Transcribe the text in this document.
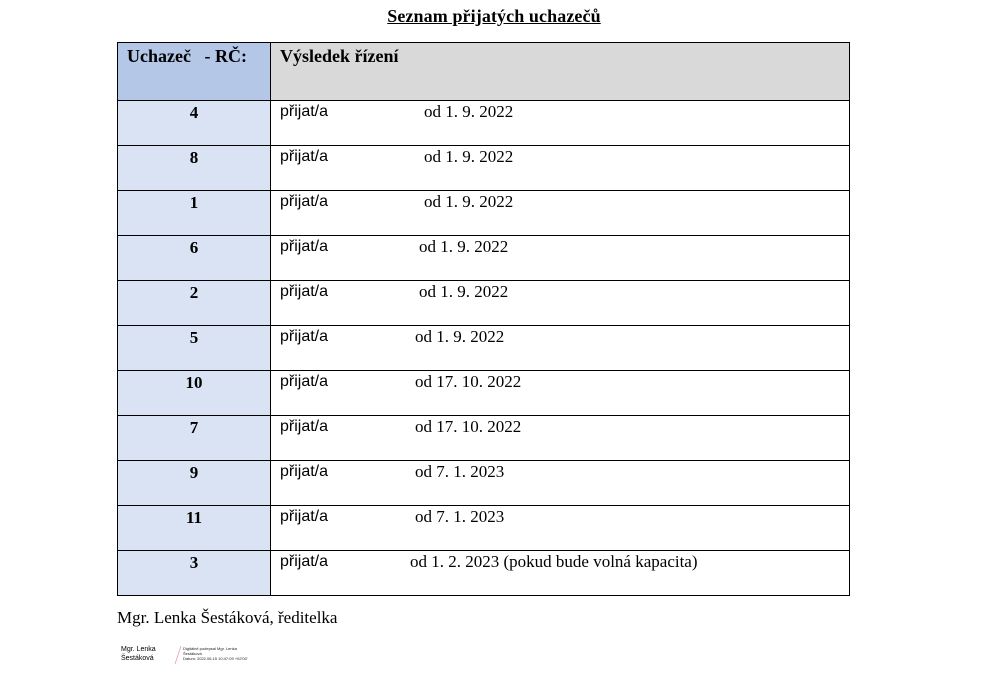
Seznam přijatých uchazečů
Uchazeč   - RČ:	Výsledek řízení
4	přijat/a od 1. 9. 2022

8	přijat/a od 1. 9. 2022

1	přijat/a od 1. 9. 2022

6	přijat/a od 1. 9. 2022

2	přijat/a od 1. 9. 2022

5	přijat/a od 1. 9. 2022

10	přijat/a od 17. 10. 2022

7	přijat/a od 17. 10. 2022

9	přijat/a od 7. 1. 2023

11	přijat/a od 7. 1. 2023

3	přijat/a od 1. 2. 2023 (pokud bude volná kapacita)
Mgr. Lenka Šestáková, ředitelka
Mgr. Lenka Šestáková
Digitálně podepsal Mgr. Lenka
Šestáková
Datum: 2022.06.15 10:47:09 +02'00'
